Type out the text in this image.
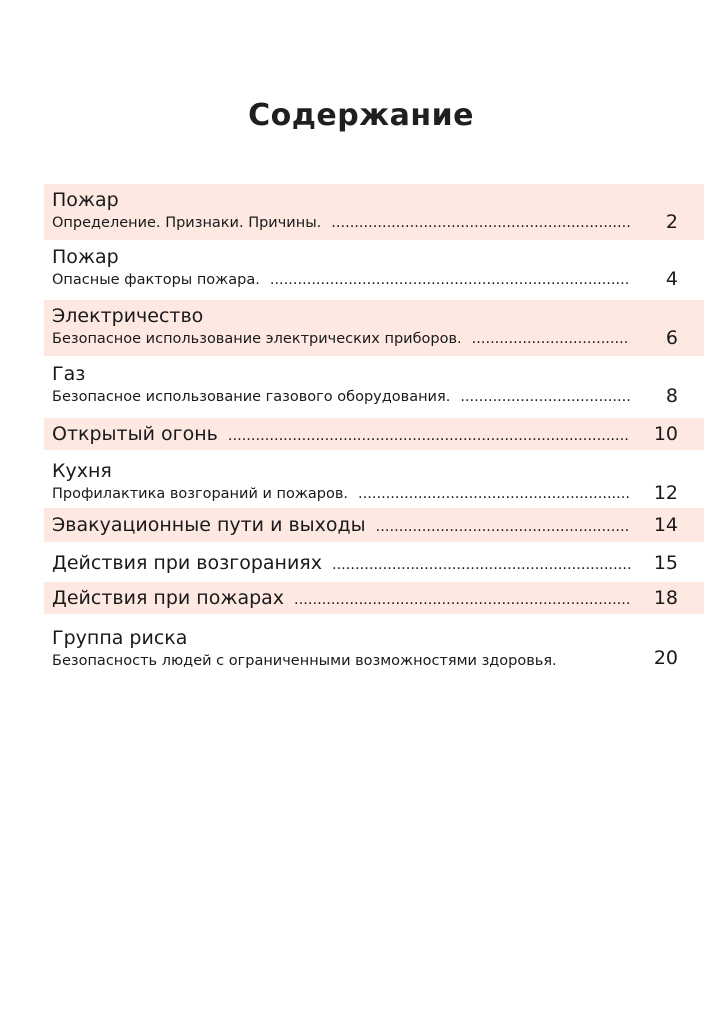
Содержание
Пожар
Определение. Признаки. Причины. .....	2
Пожар
Опасные факторы пожара. .....	4
Электричество
Безопасное использование электрических приборов. .....	6
Газ
Безопасное использование газового оборудования. .....	8
Открытый огонь .....	10
Кухня
Профилактика возгораний и пожаров. .....	12
Эвакуационные пути и выходы .....	14
Действия при возгораниях .....	15
Действия при пожарах .....	18
Группа риска
Безопасность людей с ограниченными возможностями здоровья.	20
